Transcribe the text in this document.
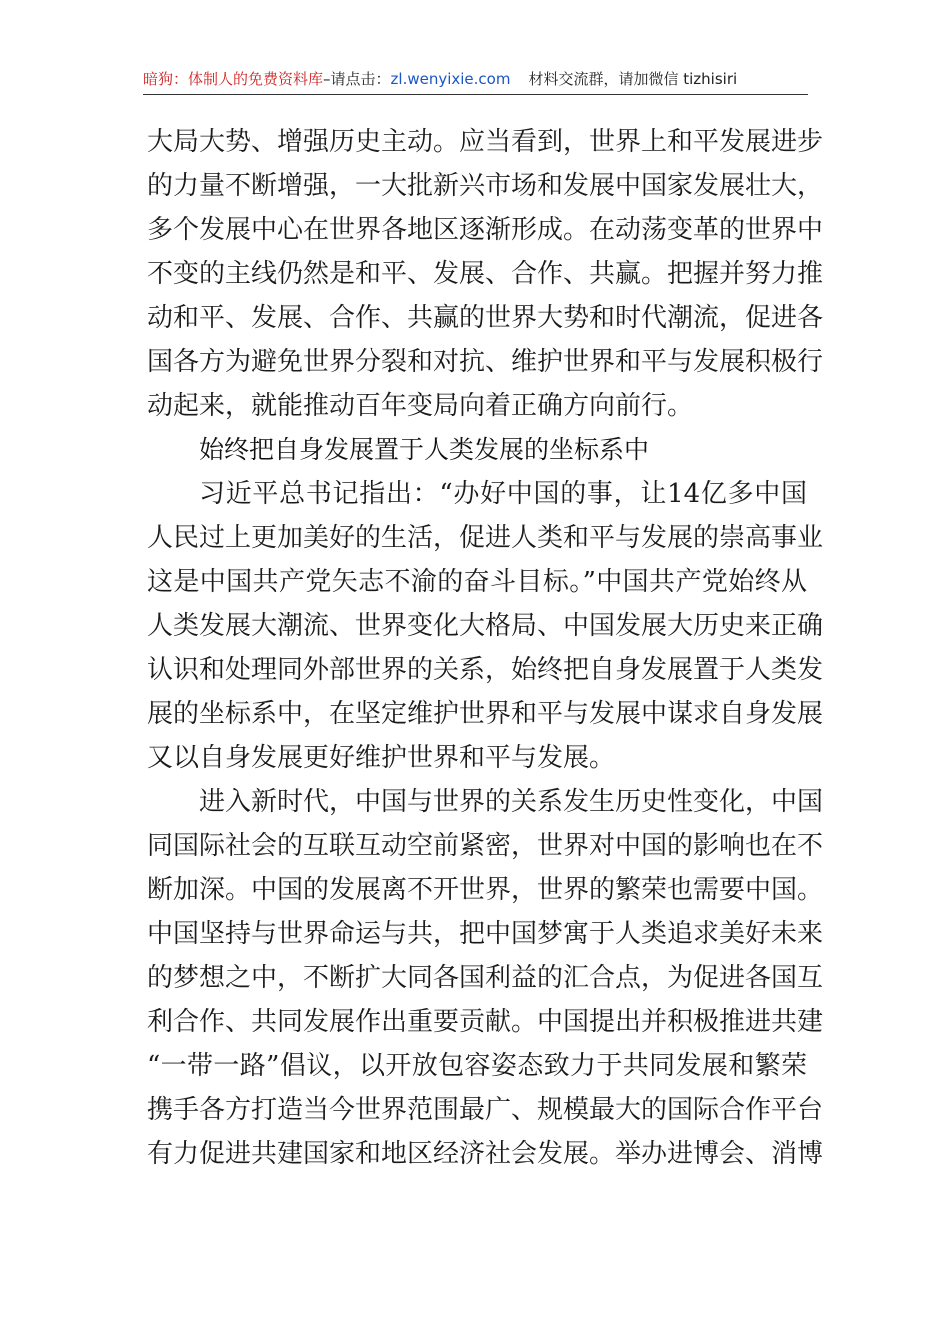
暗狗：体制人的免费资料库–请点击：zl.wenyixie.com 材料交流群，请加微信 tizhisiri
大局大势、增强历史主动。应当看到，世界上和平发展进步
的力量不断增强，一大批新兴市场和发展中国家发展壮大，
多个发展中心在世界各地区逐渐形成。在动荡变革的世界中
不变的主线仍然是和平、发展、合作、共赢。把握并努力推
动和平、发展、合作、共赢的世界大势和时代潮流，促进各
国各方为避免世界分裂和对抗、维护世界和平与发展积极行
动起来，就能推动百年变局向着正确方向前行。
始终把自身发展置于人类发展的坐标系中
习近平总书记指出：“办好中国的事，让14亿多中国
人民过上更加美好的生活，促进人类和平与发展的崇高事业
这是中国共产党矢志不渝的奋斗目标。”中国共产党始终从
人类发展大潮流、世界变化大格局、中国发展大历史来正确
认识和处理同外部世界的关系，始终把自身发展置于人类发
展的坐标系中，在坚定维护世界和平与发展中谋求自身发展
又以自身发展更好维护世界和平与发展。
进入新时代，中国与世界的关系发生历史性变化，中国
同国际社会的互联互动空前紧密，世界对中国的影响也在不
断加深。中国的发展离不开世界，世界的繁荣也需要中国。
中国坚持与世界命运与共，把中国梦寓于人类追求美好未来
的梦想之中，不断扩大同各国利益的汇合点，为促进各国互
利合作、共同发展作出重要贡献。中国提出并积极推进共建
“一带一路”倡议，以开放包容姿态致力于共同发展和繁荣
携手各方打造当今世界范围最广、规模最大的国际合作平台
有力促进共建国家和地区经济社会发展。举办进博会、消博
